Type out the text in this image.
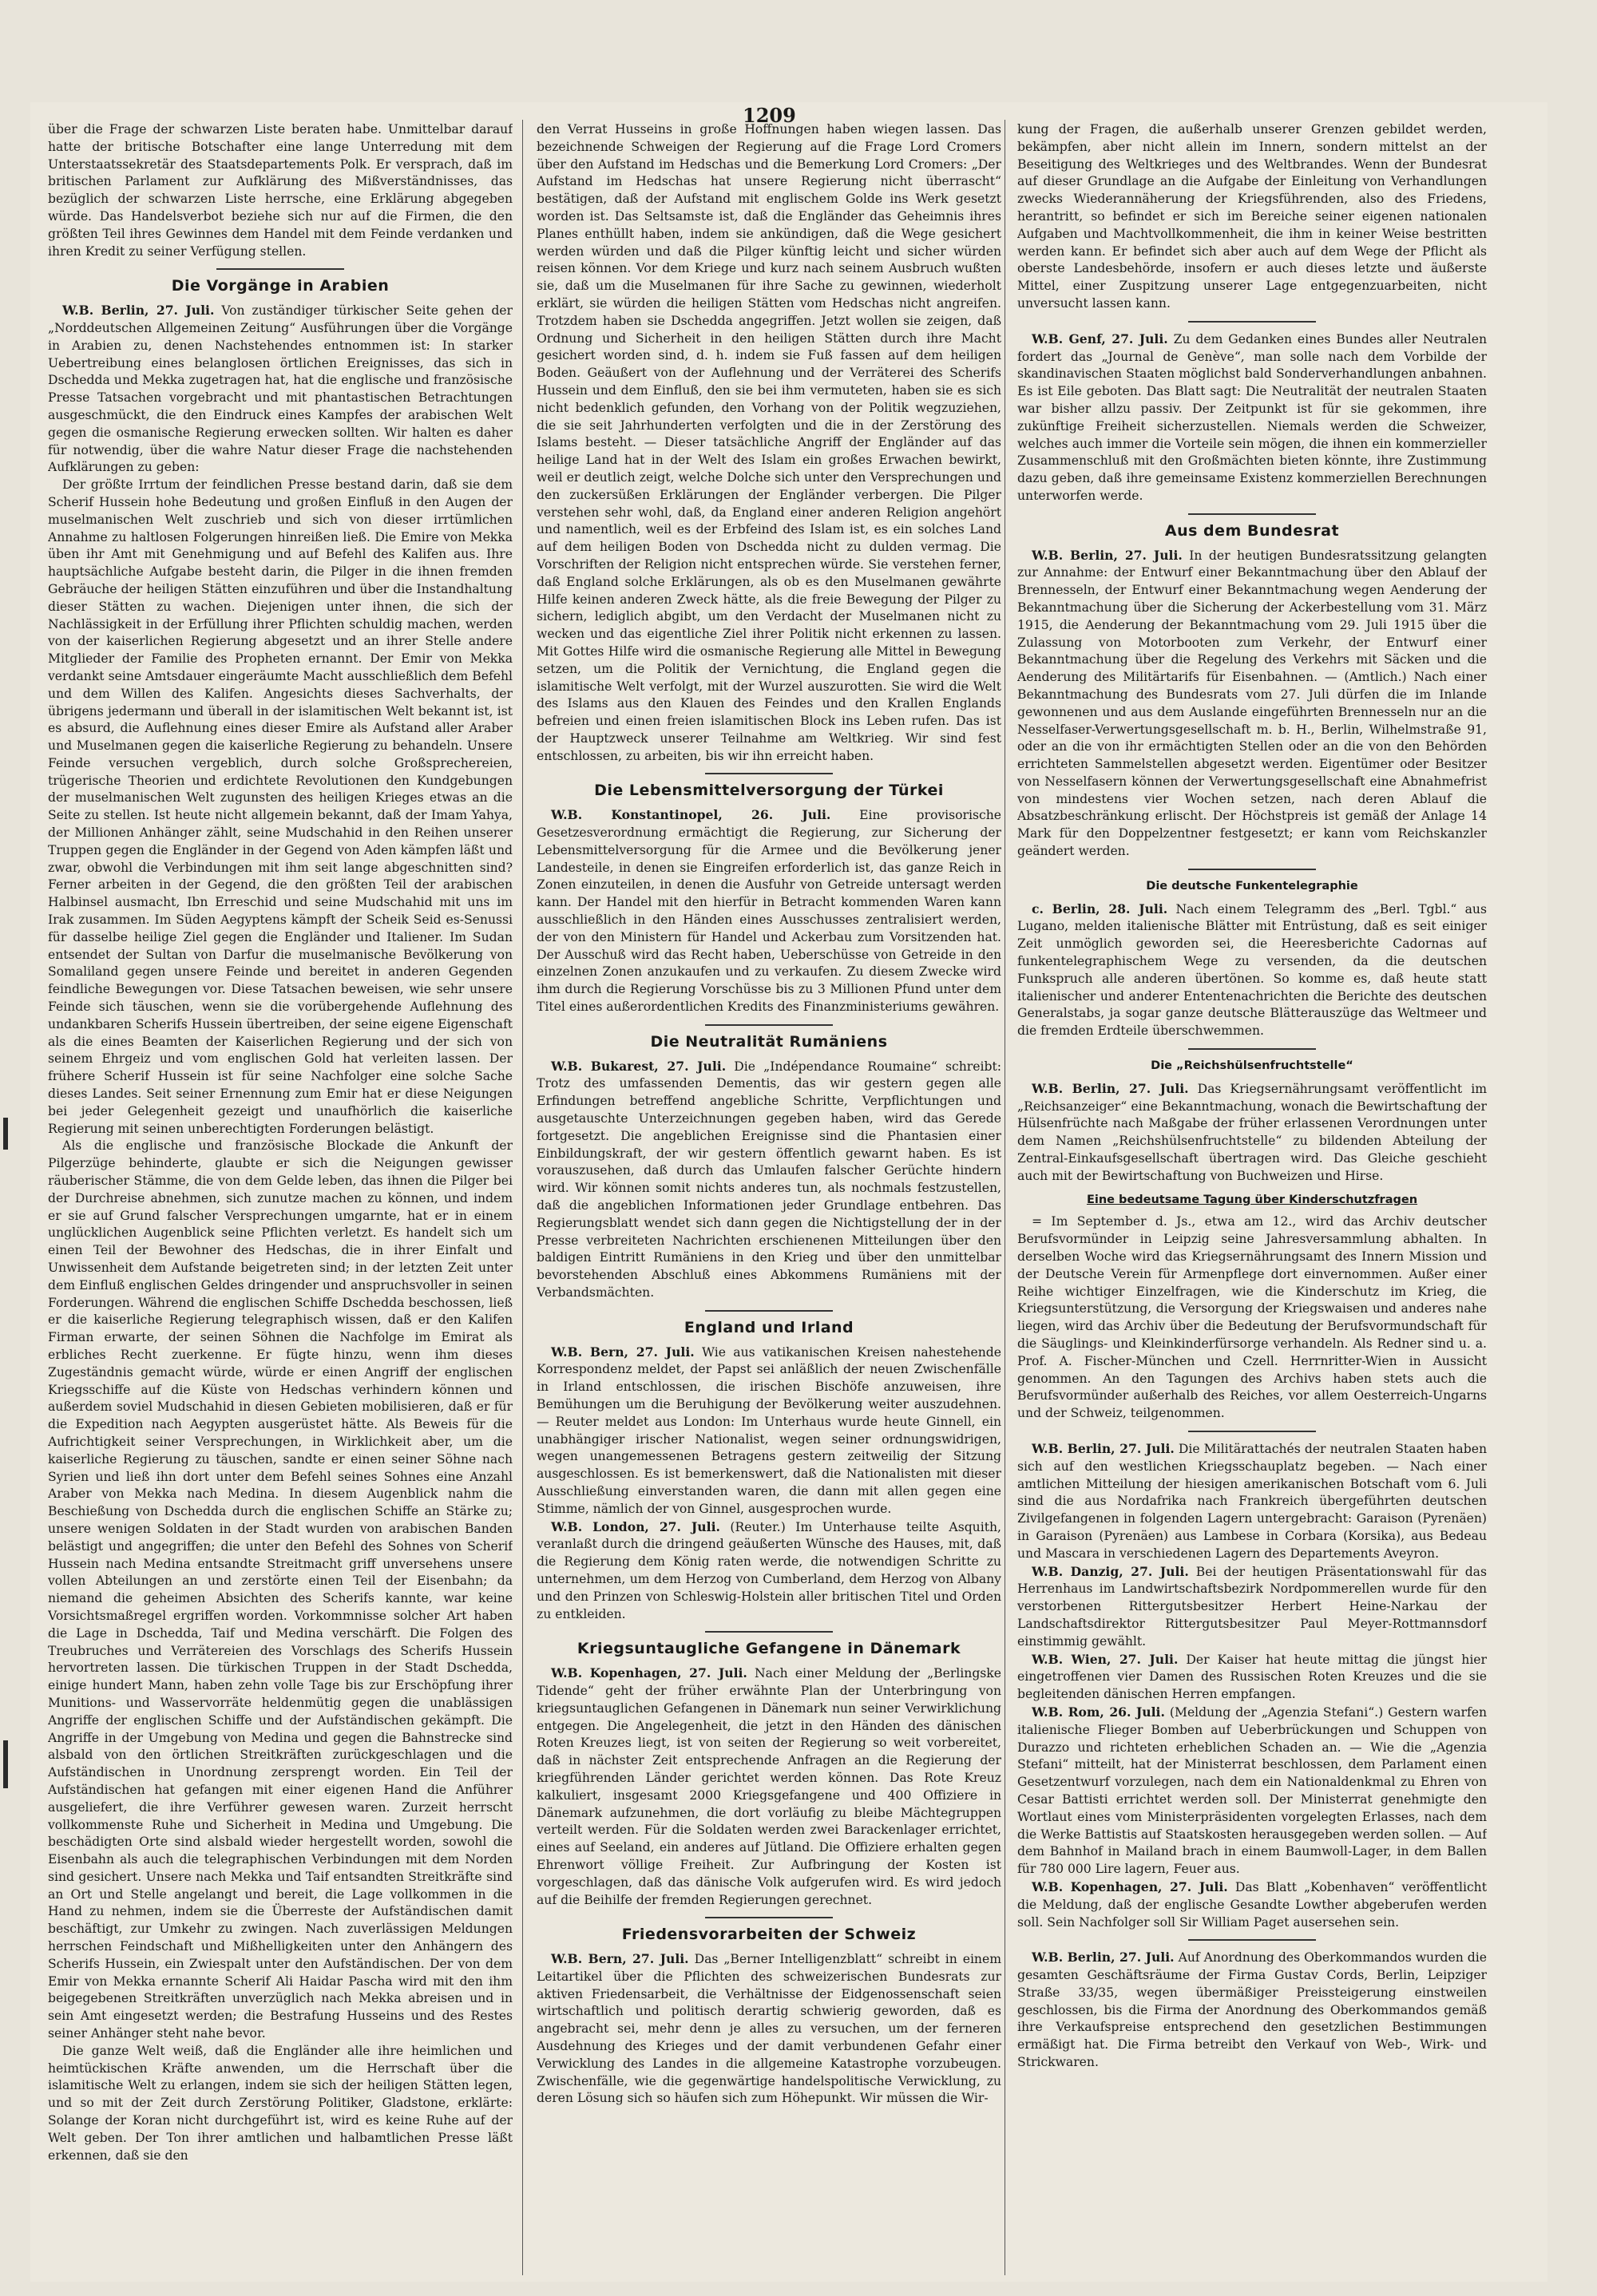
1209

über die Frage der schwarzen Liste beraten habe. Unmittelbar darauf hatte der britische Botschafter eine lange Unterredung mit dem Unterstaatssekretär des Staatsdepartements Polk. Er versprach, daß im britischen Parlament zur Aufklärung des Mißverständnisses, das bezüglich der schwarzen Liste herrsche, eine Erklärung abgegeben würde. Das Handelsverbot beziehe sich nur auf die Firmen, die den größten Teil ihres Gewinnes dem Handel mit dem Feinde verdanken und ihren Kredit zu seiner Verfügung stellen.

Die Vorgänge in Arabien

W.B. Berlin, 27. Juli. Von zuständiger türkischer Seite gehen der „Norddeutschen Allgemeinen Zeitung“ Ausführungen über die Vorgänge in Arabien zu, denen Nachstehendes entnommen ist: In starker Uebertreibung eines belanglosen örtlichen Ereignisses, das sich in Dschedda und Mekka zugetragen hat, hat die englische und französische Presse Tatsachen vorgebracht und mit phantastischen Betrachtungen ausgeschmückt, die den Eindruck eines Kampfes der arabischen Welt gegen die osmanische Regierung erwecken sollten. Wir halten es daher für notwendig, über die wahre Natur dieser Frage die nachstehenden Aufklärungen zu geben:

Der größte Irrtum der feindlichen Presse bestand darin, daß sie dem Scherif Hussein hohe Bedeutung und großen Einfluß in den Augen der muselmanischen Welt zuschrieb und sich von dieser irrtümlichen Annahme zu haltlosen Folgerungen hinreißen ließ. Die Emire von Mekka üben ihr Amt mit Genehmigung und auf Befehl des Kalifen aus. Ihre hauptsächliche Aufgabe besteht darin, die Pilger in die ihnen fremden Gebräuche der heiligen Stätten einzuführen und über die Instandhaltung dieser Stätten zu wachen. Diejenigen unter ihnen, die sich der Nachlässigkeit in der Erfüllung ihrer Pflichten schuldig machen, werden von der kaiserlichen Regierung abgesetzt und an ihrer Stelle andere Mitglieder der Familie des Propheten ernannt. Der Emir von Mekka verdankt seine Amtsdauer eingeräumte Macht ausschließlich dem Befehl und dem Willen des Kalifen. Angesichts dieses Sachverhalts, der übrigens jedermann und überall in der islamitischen Welt bekannt ist, ist es absurd, die Auflehnung eines dieser Emire als Aufstand aller Araber und Muselmanen gegen die kaiserliche Regierung zu behandeln. Unsere Feinde versuchen vergeblich, durch solche Großsprechereien, trügerische Theorien und erdichtete Revolutionen den Kundgebungen der muselmanischen Welt zugunsten des heiligen Krieges etwas an die Seite zu stellen. Ist heute nicht allgemein bekannt, daß der Imam Yahya, der Millionen Anhänger zählt, seine Mudschahid in den Reihen unserer Truppen gegen die Engländer in der Gegend von Aden kämpfen läßt und zwar, obwohl die Verbindungen mit ihm seit lange abgeschnitten sind? Ferner arbeiten in der Gegend, die den größten Teil der arabischen Halbinsel ausmacht, Ibn Erreschid und seine Mudschahid mit uns im Irak zusammen. Im Süden Aegyptens kämpft der Scheik Seid es-Senussi für dasselbe heilige Ziel gegen die Engländer und Italiener. Im Sudan entsendet der Sultan von Darfur die muselmanische Bevölkerung von Somaliland gegen unsere Feinde und bereitet in anderen Gegenden feindliche Bewegungen vor. Diese Tatsachen beweisen, wie sehr unsere Feinde sich täuschen, wenn sie die vorübergehende Auflehnung des undankbaren Scherifs Hussein übertreiben, der seine eigene Eigenschaft als die eines Beamten der Kaiserlichen Regierung und der sich von seinem Ehrgeiz und vom englischen Gold hat verleiten lassen. Der frühere Scherif Hussein ist für seine Nachfolger eine solche Sache dieses Landes. Seit seiner Ernennung zum Emir hat er diese Neigungen bei jeder Gelegenheit gezeigt und unaufhörlich die kaiserliche Regierung mit seinen unberechtigten Forderungen belästigt.

Als die englische und französische Blockade die Ankunft der Pilgerzüge behinderte, glaubte er sich die Neigungen gewisser räuberischer Stämme, die von dem Gelde leben, das ihnen die Pilger bei der Durchreise abnehmen, sich zunutze machen zu können, und indem er sie auf Grund falscher Versprechungen umgarnte, hat er in einem unglücklichen Augenblick seine Pflichten verletzt. Es handelt sich um einen Teil der Bewohner des Hedschas, die in ihrer Einfalt und Unwissenheit dem Aufstande beigetreten sind; in der letzten Zeit unter dem Einfluß englischen Geldes dringender und anspruchsvoller in seinen Forderungen. Während die englischen Schiffe Dschedda beschossen, ließ er die kaiserliche Regierung telegraphisch wissen, daß er den Kalifen Firman erwarte, der seinen Söhnen die Nachfolge im Emirat als erbliches Recht zuerkenne. Er fügte hinzu, wenn ihm dieses Zugeständnis gemacht würde, würde er einen Angriff der englischen Kriegsschiffe auf die Küste von Hedschas verhindern können und außerdem soviel Mudschahid in diesen Gebieten mobilisieren, daß er für die Expedition nach Aegypten ausgerüstet hätte. Als Beweis für die Aufrichtigkeit seiner Versprechungen, in Wirklichkeit aber, um die kaiserliche Regierung zu täuschen, sandte er einen seiner Söhne nach Syrien und ließ ihn dort unter dem Befehl seines Sohnes eine Anzahl Araber von Mekka nach Medina. In diesem Augenblick nahm die Beschießung von Dschedda durch die englischen Schiffe an Stärke zu; unsere wenigen Soldaten in der Stadt wurden von arabischen Banden belästigt und angegriffen; die unter den Befehl des Sohnes von Scherif Hussein nach Medina entsandte Streitmacht griff unversehens unsere vollen Abteilungen an und zerstörte einen Teil der Eisenbahn; da niemand die geheimen Absichten des Scherifs kannte, war keine Vorsichtsmaßregel ergriffen worden. Vorkommnisse solcher Art haben die Lage in Dschedda, Taif und Medina verschärft. Die Folgen des Treubruches und Verrätereien des Vorschlags des Scherifs Hussein hervortreten lassen. Die türkischen Truppen in der Stadt Dschedda, einige hundert Mann, haben zehn volle Tage bis zur Erschöpfung ihrer Munitions- und Wasservorräte heldenmütig gegen die unablässigen Angriffe der englischen Schiffe und der Aufständischen gekämpft. Die Angriffe in der Umgebung von Medina und gegen die Bahnstrecke sind alsbald von den örtlichen Streitkräften zurückgeschlagen und die Aufständischen in Unordnung zersprengt worden. Ein Teil der Aufständischen hat gefangen mit einer eigenen Hand die Anführer ausgeliefert, die ihre Verführer gewesen waren. Zurzeit herrscht vollkommenste Ruhe und Sicherheit in Medina und Umgebung. Die beschädigten Orte sind alsbald wieder hergestellt worden, sowohl die Eisenbahn als auch die telegraphischen Verbindungen mit dem Norden sind gesichert. Unsere nach Mekka und Taif entsandten Streitkräfte sind an Ort und Stelle angelangt und bereit, die Lage vollkommen in die Hand zu nehmen, indem sie die Überreste der Aufständischen damit beschäftigt, zur Umkehr zu zwingen. Nach zuverlässigen Meldungen herrschen Feindschaft und Mißhelligkeiten unter den Anhängern des Scherifs Hussein, ein Zwiespalt unter den Aufständischen. Der von dem Emir von Mekka ernannte Scherif Ali Haidar Pascha wird mit den ihm beigegebenen Streitkräften unverzüglich nach Mekka abreisen und in sein Amt eingesetzt werden; die Bestrafung Husseins und des Restes seiner Anhänger steht nahe bevor.

Die ganze Welt weiß, daß die Engländer alle ihre heimlichen und heimtückischen Kräfte anwenden, um die Herrschaft über die islamitische Welt zu erlangen, indem sie sich der heiligen Stätten legen, und so mit der Zeit durch Zerstörung Politiker, Gladstone, erklärte: Solange der Koran nicht durchgeführt ist, wird es keine Ruhe auf der Welt geben. Der Ton ihrer amtlichen und halbamtlichen Presse läßt erkennen, daß sie den

den Verrat Husseins in große Hoffnungen haben wiegen lassen. Das bezeichnende Schweigen der Regierung auf die Frage Lord Cromers über den Aufstand im Hedschas und die Bemerkung Lord Cromers: „Der Aufstand im Hedschas hat unsere Regierung nicht überrascht“ bestätigen, daß der Aufstand mit englischem Golde ins Werk gesetzt worden ist. Das Seltsamste ist, daß die Engländer das Geheimnis ihres Planes enthüllt haben, indem sie ankündigen, daß die Wege gesichert werden würden und daß die Pilger künftig leicht und sicher würden reisen können. Vor dem Kriege und kurz nach seinem Ausbruch wußten sie, daß um die Muselmanen für ihre Sache zu gewinnen, wiederholt erklärt, sie würden die heiligen Stätten vom Hedschas nicht angreifen. Trotzdem haben sie Dschedda angegriffen. Jetzt wollen sie zeigen, daß Ordnung und Sicherheit in den heiligen Stätten durch ihre Macht gesichert worden sind, d. h. indem sie Fuß fassen auf dem heiligen Boden. Geäußert von der Auflehnung und der Verräterei des Scherifs Hussein und dem Einfluß, den sie bei ihm vermuteten, haben sie es sich nicht bedenklich gefunden, den Vorhang von der Politik wegzuziehen, die sie seit Jahrhunderten verfolgten und die in der Zerstörung des Islams besteht. — Dieser tatsächliche Angriff der Engländer auf das heilige Land hat in der Welt des Islam ein großes Erwachen bewirkt, weil er deutlich zeigt, welche Dolche sich unter den Versprechungen und den zuckersüßen Erklärungen der Engländer verbergen. Die Pilger verstehen sehr wohl, daß, da England einer anderen Religion angehört und namentlich, weil es der Erbfeind des Islam ist, es ein solches Land auf dem heiligen Boden von Dschedda nicht zu dulden vermag. Die Vorschriften der Religion nicht entsprechen würde. Sie verstehen ferner, daß England solche Erklärungen, als ob es den Muselmanen gewährte Hilfe keinen anderen Zweck hätte, als die freie Bewegung der Pilger zu sichern, lediglich abgibt, um den Verdacht der Muselmanen nicht zu wecken und das eigentliche Ziel ihrer Politik nicht erkennen zu lassen. Mit Gottes Hilfe wird die osmanische Regierung alle Mittel in Bewegung setzen, um die Politik der Vernichtung, die England gegen die islamitische Welt verfolgt, mit der Wurzel auszurotten. Sie wird die Welt des Islams aus den Klauen des Feindes und den Krallen Englands befreien und einen freien islamitischen Block ins Leben rufen. Das ist der Hauptzweck unserer Teilnahme am Weltkrieg. Wir sind fest entschlossen, zu arbeiten, bis wir ihn erreicht haben.

Die Lebensmittelversorgung der Türkei

W.B. Konstantinopel, 26. Juli. Eine provisorische Gesetzesverordnung ermächtigt die Regierung, zur Sicherung der Lebensmittelversorgung für die Armee und die Bevölkerung jener Landesteile, in denen sie Eingreifen erforderlich ist, das ganze Reich in Zonen einzuteilen, in denen die Ausfuhr von Getreide untersagt werden kann. Der Handel mit den hierfür in Betracht kommenden Waren kann ausschließlich in den Händen eines Ausschusses zentralisiert werden, der von den Ministern für Handel und Ackerbau zum Vorsitzenden hat. Der Ausschuß wird das Recht haben, Ueberschüsse von Getreide in den einzelnen Zonen anzukaufen und zu verkaufen. Zu diesem Zwecke wird ihm durch die Regierung Vorschüsse bis zu 3 Millionen Pfund unter dem Titel eines außerordentlichen Kredits des Finanzministeriums gewähren.

Die Neutralität Rumäniens

W.B. Bukarest, 27. Juli. Die „Indépendance Roumaine“ schreibt: Trotz des umfassenden Dementis, das wir gestern gegen alle Erfindungen betreffend angebliche Schritte, Verpflichtungen und ausgetauschte Unterzeichnungen gegeben haben, wird das Gerede fortgesetzt. Die angeblichen Ereignisse sind die Phantasien einer Einbildungskraft, der wir gestern öffentlich gewarnt haben. Es ist vorauszusehen, daß durch das Umlaufen falscher Gerüchte hindern wird. Wir können somit nichts anderes tun, als nochmals festzustellen, daß die angeblichen Informationen jeder Grundlage entbehren. Das Regierungsblatt wendet sich dann gegen die Nichtigstellung der in der Presse verbreiteten Nachrichten erschienenen Mitteilungen über den baldigen Eintritt Rumäniens in den Krieg und über den unmittelbar bevorstehenden Abschluß eines Abkommens Rumäniens mit der Verbandsmächten.

England und Irland

W.B. Bern, 27. Juli. Wie aus vatikanischen Kreisen nahestehende Korrespondenz meldet, der Papst sei anläßlich der neuen Zwischenfälle in Irland entschlossen, die irischen Bischöfe anzuweisen, ihre Bemühungen um die Beruhigung der Bevölkerung weiter auszudehnen. — Reuter meldet aus London: Im Unterhaus wurde heute Ginnell, ein unabhängiger irischer Nationalist, wegen seiner ordnungswidrigen, wegen unangemessenen Betragens gestern zeitweilig der Sitzung ausgeschlossen. Es ist bemerkenswert, daß die Nationalisten mit dieser Ausschließung einverstanden waren, die dann mit allen gegen eine Stimme, nämlich der von Ginnel, ausgesprochen wurde.

W.B. London, 27. Juli. (Reuter.) Im Unterhause teilte Asquith, veranlaßt durch die dringend geäußerten Wünsche des Hauses, mit, daß die Regierung dem König raten werde, die notwendigen Schritte zu unternehmen, um dem Herzog von Cumberland, dem Herzog von Albany und den Prinzen von Schleswig-Holstein aller britischen Titel und Orden zu entkleiden.

Kriegsuntaugliche Gefangene in Dänemark

W.B. Kopenhagen, 27. Juli. Nach einer Meldung der „Berlingske Tidende“ geht der früher erwähnte Plan der Unterbringung von kriegsuntauglichen Gefangenen in Dänemark nun seiner Verwirklichung entgegen. Die Angelegenheit, die jetzt in den Händen des dänischen Roten Kreuzes liegt, ist von seiten der Regierung so weit vorbereitet, daß in nächster Zeit entsprechende Anfragen an die Regierung der kriegführenden Länder gerichtet werden können. Das Rote Kreuz kalkuliert, insgesamt 2000 Kriegsgefangene und 400 Offiziere in Dänemark aufzunehmen, die dort vorläufig zu bleibe Mächtegruppen verteilt werden. Für die Soldaten werden zwei Barackenlager errichtet, eines auf Seeland, ein anderes auf Jütland. Die Offiziere erhalten gegen Ehrenwort völlige Freiheit. Zur Aufbringung der Kosten ist vorgeschlagen, daß das dänische Volk aufgerufen wird. Es wird jedoch auf die Beihilfe der fremden Regierungen gerechnet.

Friedensvorarbeiten der Schweiz

W.B. Bern, 27. Juli. Das „Berner Intelligenzblatt“ schreibt in einem Leitartikel über die Pflichten des schweizerischen Bundesrats zur aktiven Friedensarbeit, die Verhältnisse der Eidgenossenschaft seien wirtschaftlich und politisch derartig schwierig geworden, daß es angebracht sei, mehr denn je alles zu versuchen, um der ferneren Ausdehnung des Krieges und der damit verbundenen Gefahr einer Verwicklung des Landes in die allgemeine Katastrophe vorzubeugen. Zwischenfälle, wie die gegenwärtige handelspolitische Verwicklung, zu deren Lösung sich so häufen sich zum Höhepunkt. Wir müssen die Wir-

kung der Fragen, die außerhalb unserer Grenzen gebildet werden, bekämpfen, aber nicht allein im Innern, sondern mittelst an der Beseitigung des Weltkrieges und des Weltbrandes. Wenn der Bundesrat auf dieser Grundlage an die Aufgabe der Einleitung von Verhandlungen zwecks Wiederannäherung der Kriegsführenden, also des Friedens, herantritt, so befindet er sich im Bereiche seiner eigenen nationalen Aufgaben und Machtvollkommenheit, die ihm in keiner Weise bestritten werden kann. Er befindet sich aber auch auf dem Wege der Pflicht als oberste Landesbehörde, insofern er auch dieses letzte und äußerste Mittel, einer Zuspitzung unserer Lage entgegenzuarbeiten, nicht unversucht lassen kann.

W.B. Genf, 27. Juli. Zu dem Gedanken eines Bundes aller Neutralen fordert das „Journal de Genève“, man solle nach dem Vorbilde der skandinavischen Staaten möglichst bald Sonderverhandlungen anbahnen. Es ist Eile geboten. Das Blatt sagt: Die Neutralität der neutralen Staaten war bisher allzu passiv. Der Zeitpunkt ist für sie gekommen, ihre zukünftige Freiheit sicherzustellen. Niemals werden die Schweizer, welches auch immer die Vorteile sein mögen, die ihnen ein kommerzieller Zusammenschluß mit den Großmächten bieten könnte, ihre Zustimmung dazu geben, daß ihre gemeinsame Existenz kommerziellen Berechnungen unterworfen werde.

Aus dem Bundesrat

W.B. Berlin, 27. Juli. In der heutigen Bundesratssitzung gelangten zur Annahme: der Entwurf einer Bekanntmachung über den Ablauf der Brennesseln, der Entwurf einer Bekanntmachung wegen Aenderung der Bekanntmachung über die Sicherung der Ackerbestellung vom 31. März 1915, die Aenderung der Bekanntmachung vom 29. Juli 1915 über die Zulassung von Motorbooten zum Verkehr, der Entwurf einer Bekanntmachung über die Regelung des Verkehrs mit Säcken und die Aenderung des Militärtarifs für Eisenbahnen. — (Amtlich.) Nach einer Bekanntmachung des Bundesrats vom 27. Juli dürfen die im Inlande gewonnenen und aus dem Auslande eingeführten Brennesseln nur an die Nesselfaser-Verwertungsgesellschaft m. b. H., Berlin, Wilhelmstraße 91, oder an die von ihr ermächtigten Stellen oder an die von den Behörden errichteten Sammelstellen abgesetzt werden. Eigentümer oder Besitzer von Nesselfasern können der Verwertungsgesellschaft eine Abnahmefrist von mindestens vier Wochen setzen, nach deren Ablauf die Absatzbeschränkung erlischt. Der Höchstpreis ist gemäß der Anlage 14 Mark für den Doppelzentner festgesetzt; er kann vom Reichskanzler geändert werden.

Die deutsche Funkentelegraphie

c. Berlin, 28. Juli. Nach einem Telegramm des „Berl. Tgbl.“ aus Lugano, melden italienische Blätter mit Entrüstung, daß es seit einiger Zeit unmöglich geworden sei, die Heeresberichte Cadornas auf funkentelegraphischem Wege zu versenden, da die deutschen Funkspruch alle anderen übertönen. So komme es, daß heute statt italienischer und anderer Ententenachrichten die Berichte des deutschen Generalstabs, ja sogar ganze deutsche Blätterauszüge das Weltmeer und die fremden Erdteile überschwemmen.

Die „Reichshülsenfruchtstelle“

W.B. Berlin, 27. Juli. Das Kriegsernährungsamt veröffentlicht im „Reichsanzeiger“ eine Bekanntmachung, wonach die Bewirtschaftung der Hülsenfrüchte nach Maßgabe der früher erlassenen Verordnungen unter dem Namen „Reichshülsenfruchtstelle“ zu bildenden Abteilung der Zentral-Einkaufsgesellschaft übertragen wird. Das Gleiche geschieht auch mit der Bewirtschaftung von Buchweizen und Hirse.

Eine bedeutsame Tagung über Kinderschutzfragen

= Im September d. Js., etwa am 12., wird das Archiv deutscher Berufsvormünder in Leipzig seine Jahresversammlung abhalten. In derselben Woche wird das Kriegsernährungsamt des Innern Mission und der Deutsche Verein für Armenpflege dort einvernommen. Außer einer Reihe wichtiger Einzelfragen, wie die Kinderschutz im Krieg, die Kriegsunterstützung, die Versorgung der Kriegswaisen und anderes nahe liegen, wird das Archiv über die Bedeutung der Berufsvormundschaft für die Säuglings- und Kleinkinderfürsorge verhandeln. Als Redner sind u. a. Prof. A. Fischer-München und Czell. Herrnritter-Wien in Aussicht genommen. An den Tagungen des Archivs haben stets auch die Berufsvormünder außerhalb des Reiches, vor allem Oesterreich-Ungarns und der Schweiz, teilgenommen.

W.B. Berlin, 27. Juli. Die Militärattachés der neutralen Staaten haben sich auf den westlichen Kriegsschauplatz begeben. — Nach einer amtlichen Mitteilung der hiesigen amerikanischen Botschaft vom 6. Juli sind die aus Nordafrika nach Frankreich übergeführten deutschen Zivilgefangenen in folgenden Lagern untergebracht: Garaison (Pyrenäen) in Garaison (Pyrenäen) aus Lambese in Corbara (Korsika), aus Bedeau und Mascara in verschiedenen Lagern des Departements Aveyron.

W.B. Danzig, 27. Juli. Bei der heutigen Präsentationswahl für das Herrenhaus im Landwirtschaftsbezirk Nordpommerellen wurde für den verstorbenen Rittergutsbesitzer Herbert Heine-Narkau der Landschaftsdirektor Rittergutsbesitzer Paul Meyer-Rottmannsdorf einstimmig gewählt.

W.B. Wien, 27. Juli. Der Kaiser hat heute mittag die jüngst hier eingetroffenen vier Damen des Russischen Roten Kreuzes und die sie begleitenden dänischen Herren empfangen.

W.B. Rom, 26. Juli. (Meldung der „Agenzia Stefani“.) Gestern warfen italienische Flieger Bomben auf Ueberbrückungen und Schuppen von Durazzo und richteten erheblichen Schaden an. — Wie die „Agenzia Stefani“ mitteilt, hat der Ministerrat beschlossen, dem Parlament einen Gesetzentwurf vorzulegen, nach dem ein Nationaldenkmal zu Ehren von Cesar Battisti errichtet werden soll. Der Ministerrat genehmigte den Wortlaut eines vom Ministerpräsidenten vorgelegten Erlasses, nach dem die Werke Battistis auf Staatskosten herausgegeben werden sollen. — Auf dem Bahnhof in Mailand brach in einem Baumwoll-Lager, in dem Ballen für 780 000 Lire lagern, Feuer aus.

W.B. Kopenhagen, 27. Juli. Das Blatt „Kobenhaven“ veröffentlicht die Meldung, daß der englische Gesandte Lowther abgeberufen werden soll. Sein Nachfolger soll Sir William Paget ausersehen sein.

W.B. Berlin, 27. Juli. Auf Anordnung des Oberkommandos wurden die gesamten Geschäftsräume der Firma Gustav Cords, Berlin, Leipziger Straße 33/35, wegen übermäßiger Preissteigerung einstweilen geschlossen, bis die Firma der Anordnung des Oberkommandos gemäß ihre Verkaufspreise entsprechend den gesetzlichen Bestimmungen ermäßigt hat. Die Firma betreibt den Verkauf von Web-, Wirk- und Strickwaren.
